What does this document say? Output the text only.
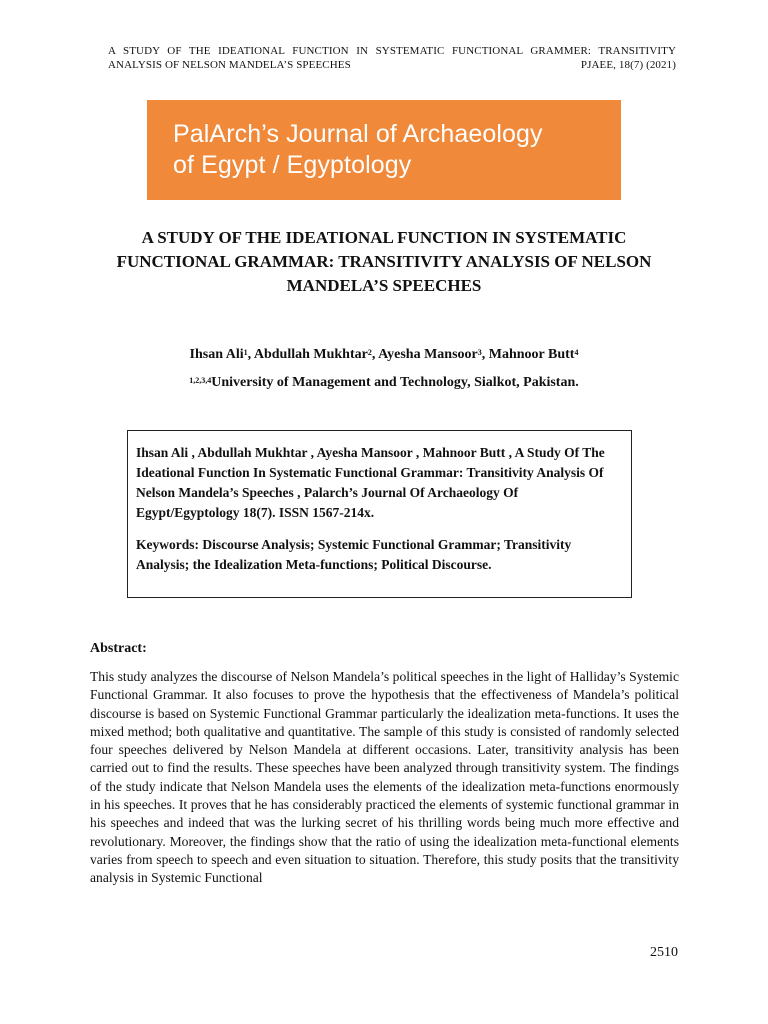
A STUDY OF THE IDEATIONAL FUNCTION IN SYSTEMATIC FUNCTIONAL GRAMMER: TRANSITIVITY
ANALYSIS OF NELSON MANDELA’S SPEECHES	PJAEE, 18(7) (2021)
PalArch’s Journal of Archaeology
of Egypt / Egyptology
A STUDY OF THE IDEATIONAL FUNCTION IN SYSTEMATIC
FUNCTIONAL GRAMMAR: TRANSITIVITY ANALYSIS OF NELSON
MANDELA’S SPEECHES
Ihsan Ali$^1$, Abdullah Mukhtar$^2$, Ayesha Mansoor$^3$, Mahnoor Butt$^4$
$^{1,2,3,4}$University of Management and Technology, Sialkot, Pakistan.

Ihsan Ali , Abdullah Mukhtar , Ayesha Mansoor , Mahnoor Butt , A Study Of The Ideational Function In Systematic Functional Grammar: Transitivity Analysis Of Nelson Mandela’s Speeches , Palarch’s Journal Of Archaeology Of Egypt/Egyptology 18(7). ISSN 1567-214x.

Keywords: Discourse Analysis; Systemic Functional Grammar; Transitivity Analysis; the Idealization Meta-functions; Political Discourse.

Abstract:

This study analyzes the discourse of Nelson Mandela’s political speeches in the light of Halliday’s Systemic Functional Grammar. It also focuses to prove the hypothesis that the effectiveness of Mandela’s political discourse is based on Systemic Functional Grammar particularly the idealization meta-functions. It uses the mixed method; both qualitative and quantitative. The sample of this study is consisted of randomly selected four speeches delivered by Nelson Mandela at different occasions. Later, transitivity analysis has been carried out to find the results. These speeches have been analyzed through transitivity system. The findings of the study indicate that Nelson Mandela uses the elements of the idealization meta-functions enormously in his speeches. It proves that he has considerably practiced the elements of systemic functional grammar in his speeches and indeed that was the lurking secret of his thrilling words being much more effective and revolutionary. Moreover, the findings show that the ratio of using the idealization meta-functional elements varies from speech to speech and even situation to situation. Therefore, this study posits that the transitivity analysis in Systemic Functional

2510
